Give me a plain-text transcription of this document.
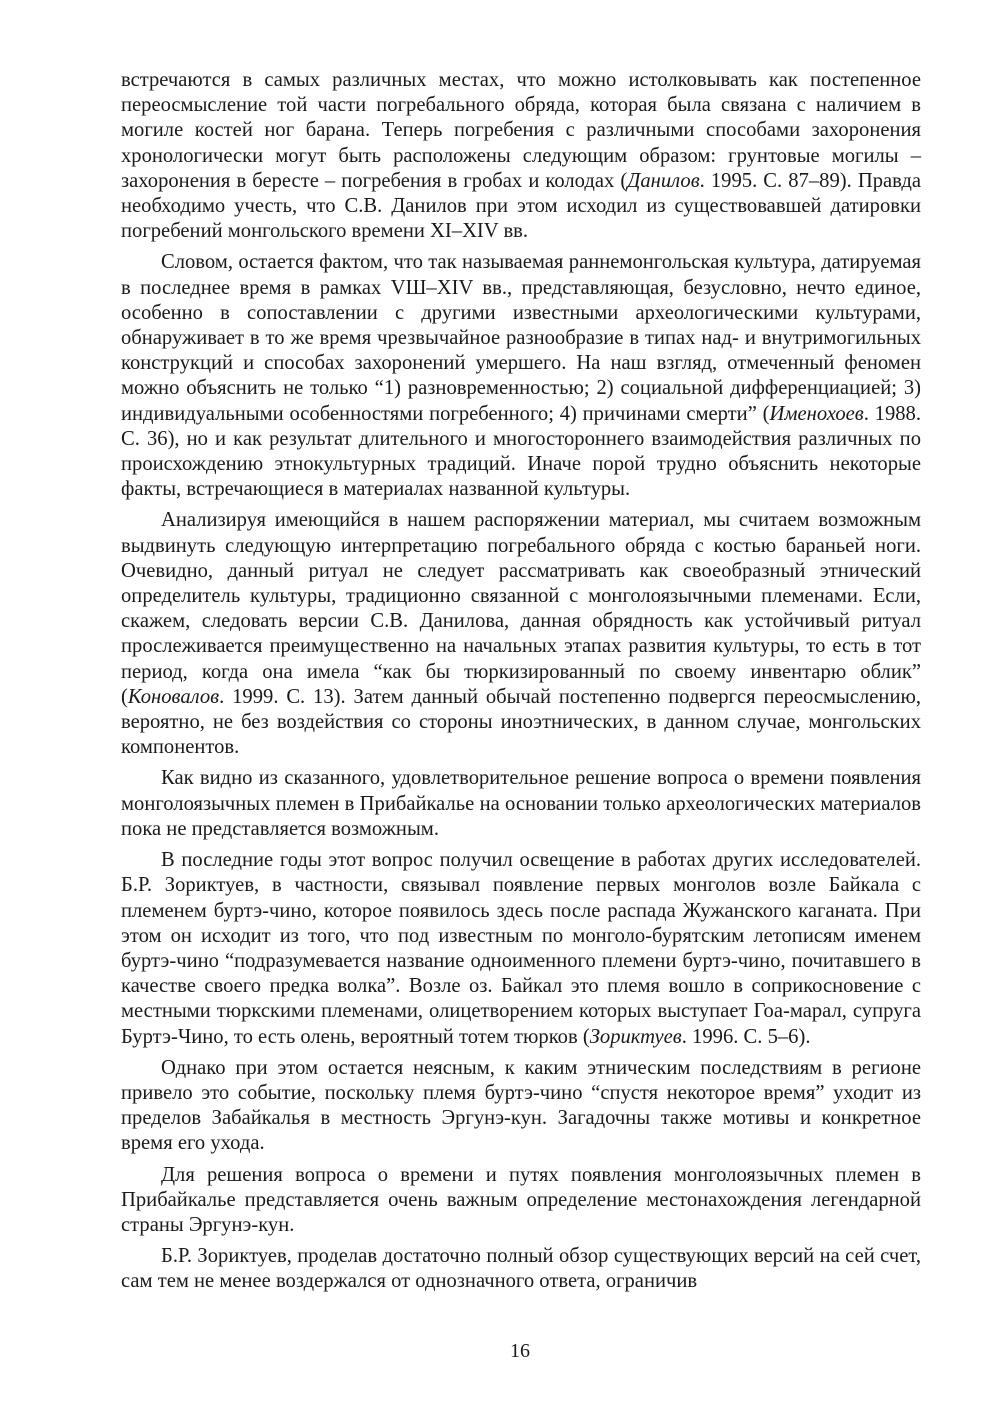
встречаются в самых различных местах, что можно истолковывать как постепенное переосмысление той части погребального обряда, которая была связана с наличием в могиле костей ног барана. Теперь погребения с различными способами захоронения хронологически могут быть расположены следующим образом: грунтовые могилы – захоронения в бересте – погребения в гробах и колодах (Данилов. 1995. С. 87–89). Правда необходимо учесть, что С.В. Данилов при этом исходил из существовавшей датировки погребений монгольского времени XI–XIV вв.

Словом, остается фактом, что так называемая раннемонгольская культура, датируемая в последнее время в рамках VШ–XIV вв., представляющая, безусловно, нечто единое, особенно в сопоставлении с другими известными археологическими культурами, обнаруживает в то же время чрезвычайное разнообразие в типах над- и внутримогильных конструкций и способах захоронений умершего. На наш взгляд, отмеченный феномен можно объяснить не только “1) разновременностью; 2) социальной дифференциацией; 3) индивидуальными особенностями погребенного; 4) причинами смерти” (Именохоев. 1988. С. 36), но и как результат длительного и многостороннего взаимодействия различных по происхождению этнокультурных традиций. Иначе порой трудно объяснить некоторые факты, встречающиеся в материалах названной культуры.

Анализируя имеющийся в нашем распоряжении материал, мы считаем возможным выдвинуть следующую интерпретацию погребального обряда с костью бараньей ноги. Очевидно, данный ритуал не следует рассматривать как своеобразный этнический определитель культуры, традиционно связанной с монголоязычными племенами. Если, скажем, следовать версии С.В. Данилова, данная обрядность как устойчивый ритуал прослеживается преимущественно на начальных этапах развития культуры, то есть в тот период, когда она имела “как бы тюркизированный по своему инвентарю облик” (Коновалов. 1999. С. 13). Затем данный обычай постепенно подвергся переосмыслению, вероятно, не без воздействия со стороны иноэтнических, в данном случае, монгольских компонентов.

Как видно из сказанного, удовлетворительное решение вопроса о времени появления монголоязычных племен в Прибайкалье на основании только археологических материалов пока не представляется возможным.

В последние годы этот вопрос получил освещение в работах других исследователей. Б.Р. Зориктуев, в частности, связывал появление первых монголов возле Байкала с племенем буртэ-чино, которое появилось здесь после распада Жужанского каганата. При этом он исходит из того, что под известным по монголо-бурятским летописям именем буртэ-чино “подразумевается название одноименного племени буртэ-чино, почитавшего в качестве своего предка волка”. Возле оз. Байкал это племя вошло в соприкосновение с местными тюркскими племенами, олицетворением которых выступает Гоа-марал, супруга Буртэ-Чино, то есть олень, вероятный тотем тюрков (Зориктуев. 1996. С. 5–6).

Однако при этом остается неясным, к каким этническим последствиям в регионе привело это событие, поскольку племя буртэ-чино “спустя некоторое время” уходит из пределов Забайкалья в местность Эргунэ-кун. Загадочны также мотивы и конкретное время его ухода.

Для решения вопроса о времени и путях появления монголоязычных племен в Прибайкалье представляется очень важным определение местонахождения легендарной страны Эргунэ-кун.

Б.Р. Зориктуев, проделав достаточно полный обзор существующих версий на сей счет, сам тем не менее воздержался от однозначного ответа, ограничив

16
